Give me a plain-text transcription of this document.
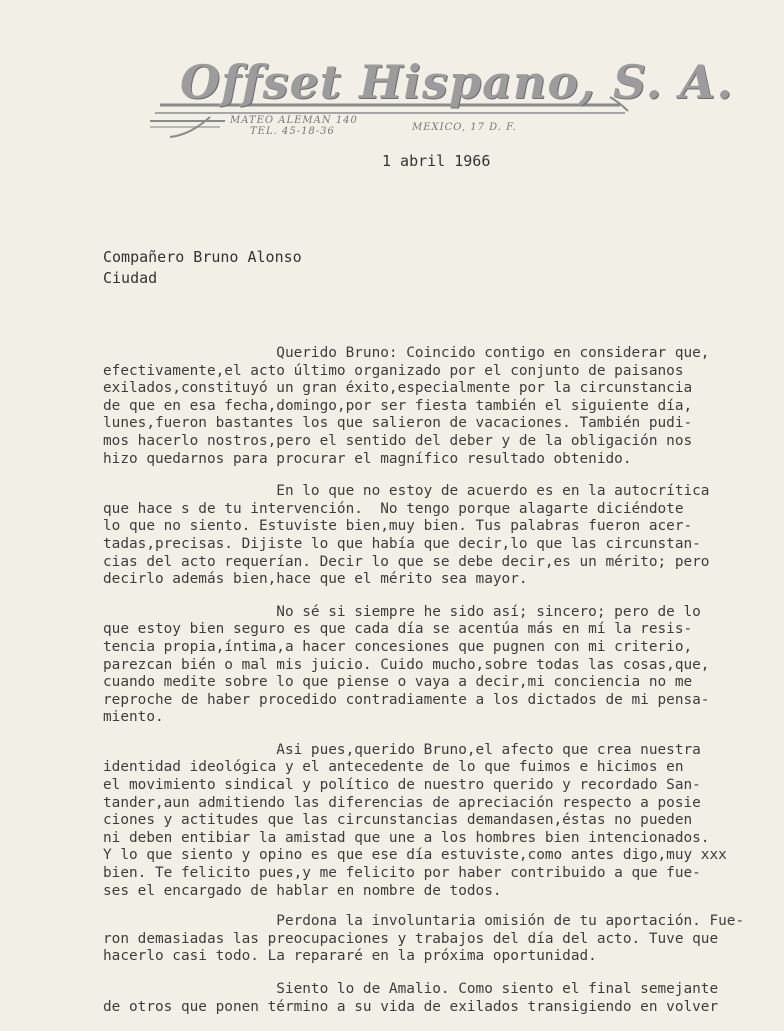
Offset Hispano, S. A.
MATEO ALEMAN 140
TEL. 45-18-36	MEXICO, 17 D. F.
1 abril 1966
Compañero Bruno Alonso
Ciudad
Querido Bruno: Coincido contigo en considerar que,
efectivamente,el acto último organizado por el conjunto de paisanos
exilados,constituyó un gran éxito,especialmente por la circunstancia
de que en esa fecha,domingo,por ser fiesta también el siguiente día,
lunes,fueron bastantes los que salieron de vacaciones. También pudi-
mos hacerlo nostros,pero el sentido del deber y de la obligación nos
hizo quedarnos para procurar el magnífico resultado obtenido.
En lo que no estoy de acuerdo es en la autocrítica
que hace s de tu intervención.  No tengo porque alagarte diciéndote
lo que no siento. Estuviste bien,muy bien. Tus palabras fueron acer-
tadas,precisas. Dijiste lo que había que decir,lo que las circunstan-
cias del acto requerían. Decir lo que se debe decir,es un mérito; pero
decirlo además bien,hace que el mérito sea mayor.
No sé si siempre he sido así; sincero; pero de lo
que estoy bien seguro es que cada día se acentúa más en mí la resis-
tencia propia,íntima,a hacer concesiones que pugnen con mi criterio,
parezcan bién o mal mis juicio. Cuido mucho,sobre todas las cosas,que,
cuando medite sobre lo que piense o vaya a decir,mi conciencia no me
reproche de haber procedido contradiamente a los dictados de mi pensa-
miento.
Asi pues,querido Bruno,el afecto que crea nuestra
identidad ideológica y el antecedente de lo que fuimos e hicimos en
el movimiento sindical y político de nuestro querido y recordado San-
tander,aun admitiendo las diferencias de apreciación respecto a posie
ciones y actitudes que las circunstancias demandasen,éstas no pueden
ni deben entibiar la amistad que une a los hombres bien intencionados.
Y lo que siento y opino es que ese día estuviste,como antes digo,muy xxx
bien. Te felicito pues,y me felicito por haber contribuido a que fue-
ses el encargado de hablar en nombre de todos.
Perdona la involuntaria omisión de tu aportación. Fue-
ron demasiadas las preocupaciones y trabajos del día del acto. Tuve que
hacerlo casi todo. La repararé en la próxima oportunidad.
Siento lo de Amalio. Como siento el final semejante
de otros que ponen término a su vida de exilados transigiendo en volver
